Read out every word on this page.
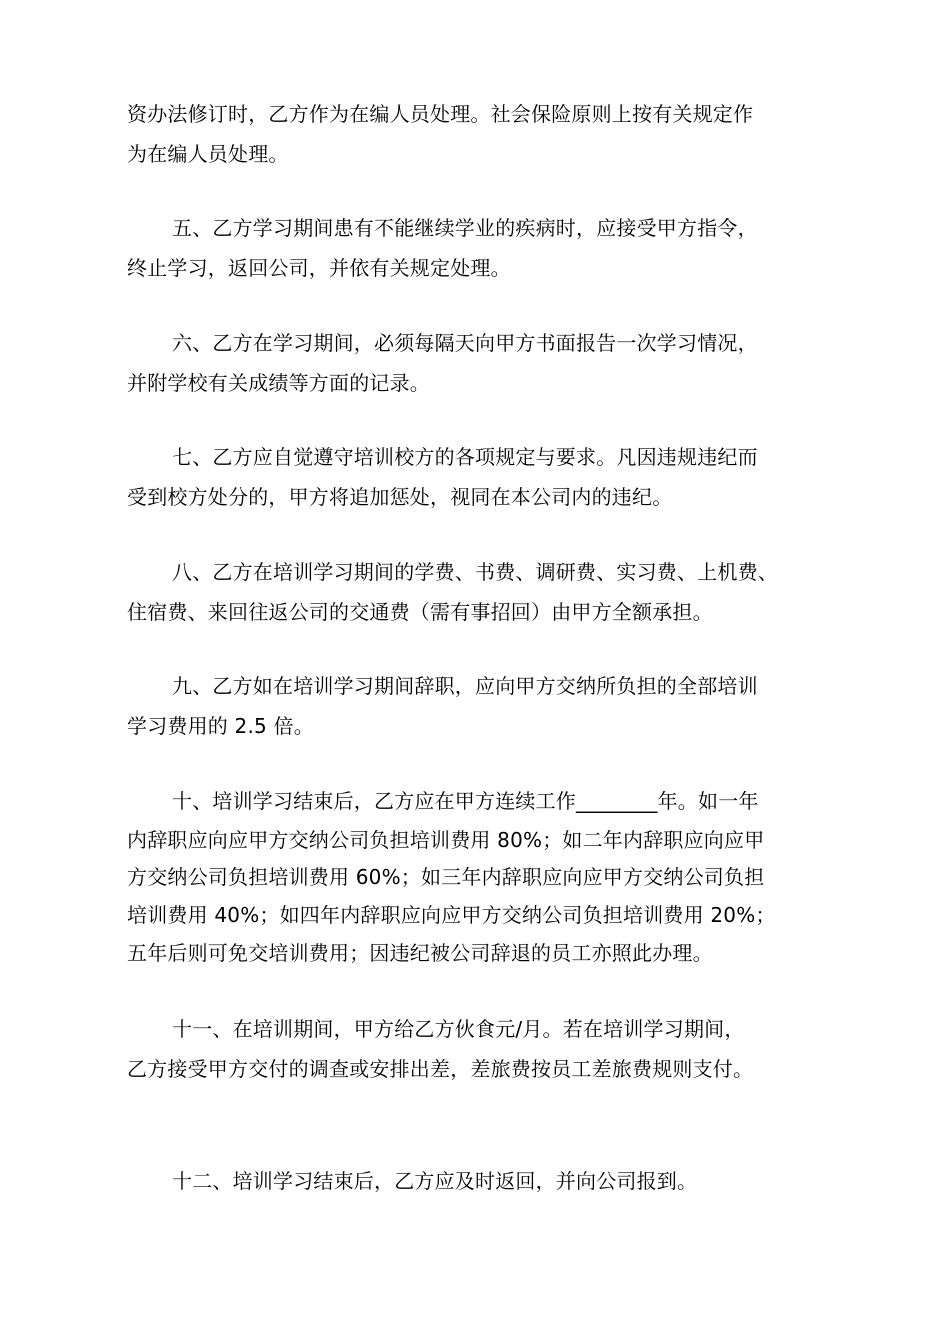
资办法修订时，乙方作为在编人员处理。社会保险原则上按有关规定作
为在编人员处理。
五、乙方学习期间患有不能继续学业的疾病时，应接受甲方指令，
终止学习，返回公司，并依有关规定处理。
六、乙方在学习期间，必须每隔天向甲方书面报告一次学习情况，
并附学校有关成绩等方面的记录。
七、乙方应自觉遵守培训校方的各项规定与要求。凡因违规违纪而
受到校方处分的，甲方将追加惩处，视同在本公司内的违纪。
八、乙方在培训学习期间的学费、书费、调研费、实习费、上机费、
住宿费、来回往返公司的交通费（需有事招回）由甲方全额承担。
九、乙方如在培训学习期间辞职，应向甲方交纳所负担的全部培训
学习费用的 2.5 倍。
十、培训学习结束后，乙方应在甲方连续工作________年。如一年
内辞职应向应甲方交纳公司负担培训费用 80%；如二年内辞职应向应甲
方交纳公司负担培训费用 60%；如三年内辞职应向应甲方交纳公司负担
培训费用 40%；如四年内辞职应向应甲方交纳公司负担培训费用 20%；
五年后则可免交培训费用；因违纪被公司辞退的员工亦照此办理。
十一、在培训期间，甲方给乙方伙食元/月。若在培训学习期间，
乙方接受甲方交付的调查或安排出差，差旅费按员工差旅费规则支付。
十二、培训学习结束后，乙方应及时返回，并向公司报到。
